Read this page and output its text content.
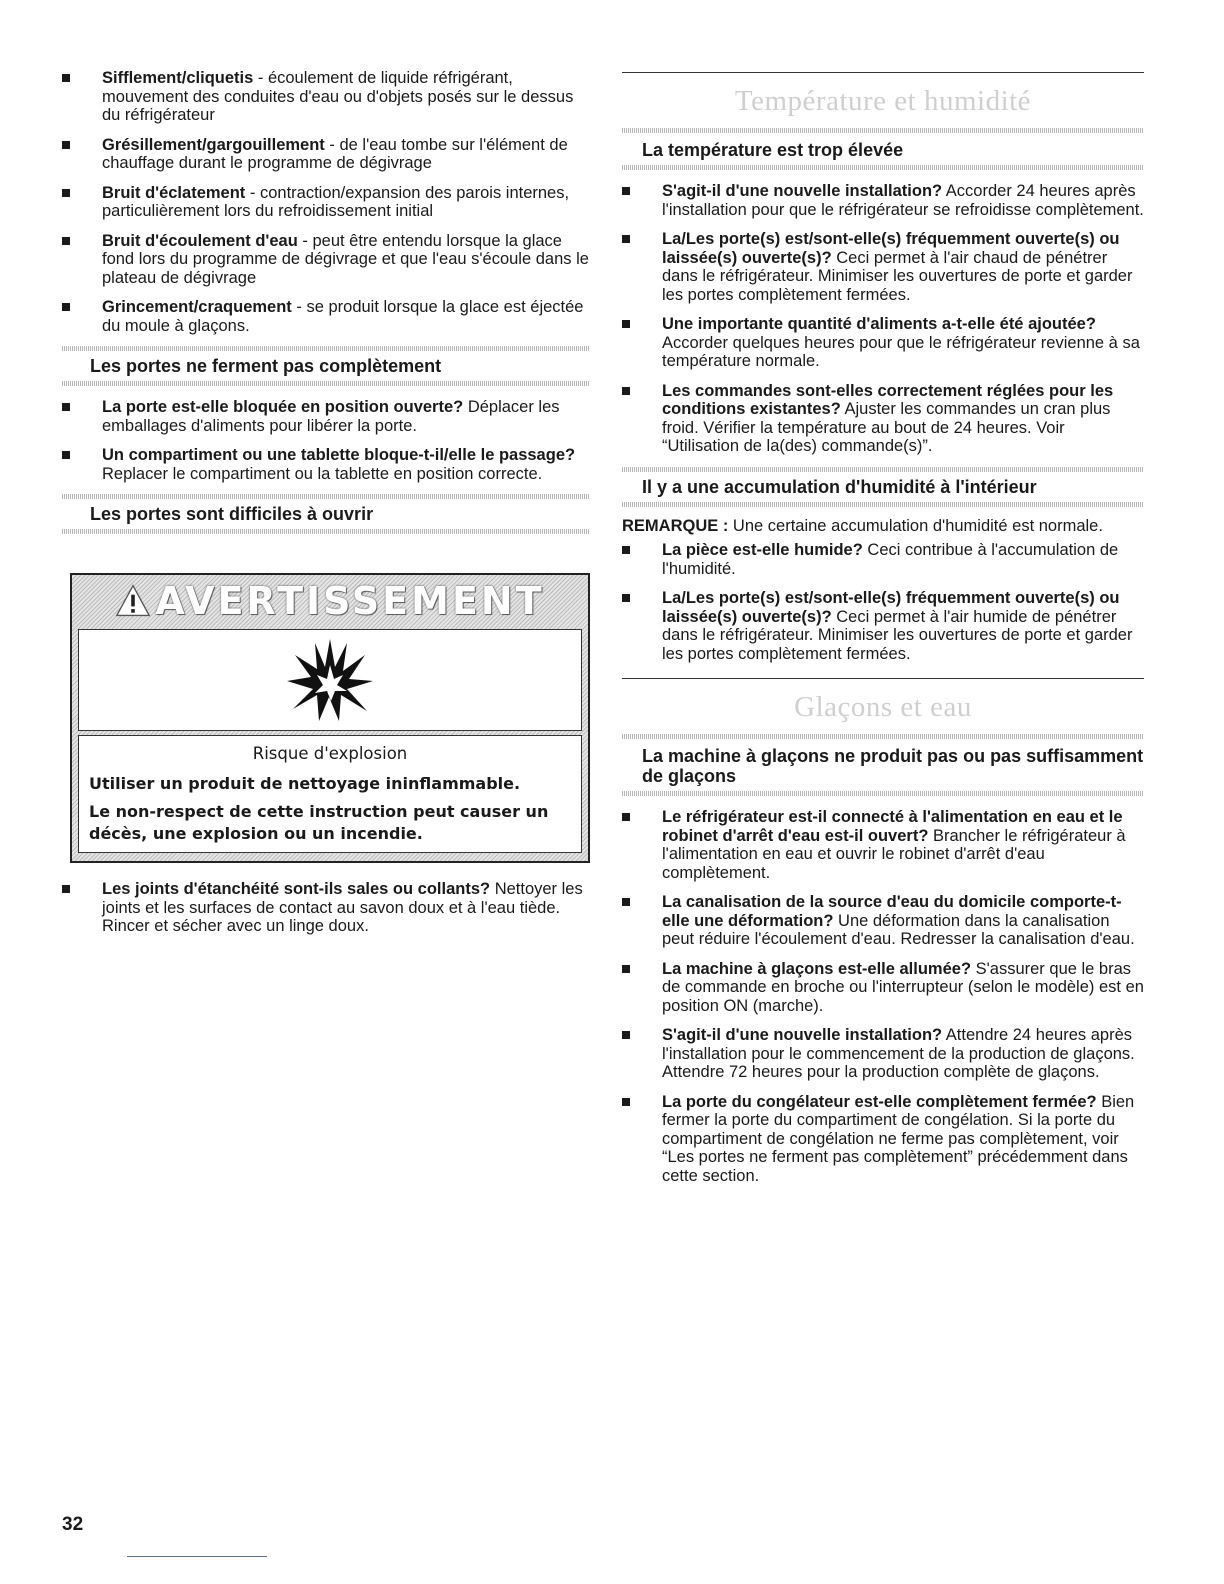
Sifflement/cliquetis - écoulement de liquide réfrigérant, mouvement des conduites d'eau ou d'objets posés sur le dessus du réfrigérateur
Grésillement/gargouillement - de l'eau tombe sur l'élément de chauffage durant le programme de dégivrage
Bruit d'éclatement - contraction/expansion des parois internes, particulièrement lors du refroidissement initial
Bruit d'écoulement d'eau - peut être entendu lorsque la glace fond lors du programme de dégivrage et que l'eau s'écoule dans le plateau de dégivrage
Grincement/craquement - se produit lorsque la glace est éjectée du moule à glaçons.
Les portes ne ferment pas complètement
La porte est-elle bloquée en position ouverte? Déplacer les emballages d'aliments pour libérer la porte.
Un compartiment ou une tablette bloque-t-il/elle le passage? Replacer le compartiment ou la tablette en position correcte.
Les portes sont difficiles à ouvrir
AVERTISSEMENT
Risque d'explosion
Utiliser un produit de nettoyage ininflammable.
Le non-respect de cette instruction peut causer un décès, une explosion ou un incendie.
Les joints d'étanchéité sont-ils sales ou collants? Nettoyer les joints et les surfaces de contact au savon doux et à l'eau tiède. Rincer et sécher avec un linge doux.
Température et humidité
La température est trop élevée
S'agit-il d'une nouvelle installation? Accorder 24 heures après l'installation pour que le réfrigérateur se refroidisse complètement.
La/Les porte(s) est/sont-elle(s) fréquemment ouverte(s) ou laissée(s) ouverte(s)? Ceci permet à l'air chaud de pénétrer dans le réfrigérateur. Minimiser les ouvertures de porte et garder les portes complètement fermées.
Une importante quantité d'aliments a-t-elle été ajoutée? Accorder quelques heures pour que le réfrigérateur revienne à sa température normale.
Les commandes sont-elles correctement réglées pour les conditions existantes? Ajuster les commandes un cran plus froid. Vérifier la température au bout de 24 heures. Voir “Utilisation de la(des) commande(s)”.
Il y a une accumulation d'humidité à l'intérieur

REMARQUE : Une certaine accumulation d'humidité est normale.

La pièce est-elle humide? Ceci contribue à l'accumulation de l'humidité.
La/Les porte(s) est/sont-elle(s) fréquemment ouverte(s) ou laissée(s) ouverte(s)? Ceci permet à l'air humide de pénétrer dans le réfrigérateur. Minimiser les ouvertures de porte et garder les portes complètement fermées.
Glaçons et eau
La machine à glaçons ne produit pas ou pas suffisamment de glaçons
Le réfrigérateur est-il connecté à l'alimentation en eau et le robinet d'arrêt d'eau est-il ouvert? Brancher le réfrigérateur à l'alimentation en eau et ouvrir le robinet d'arrêt d'eau complètement.
La canalisation de la source d'eau du domicile comporte-t-elle une déformation? Une déformation dans la canalisation peut réduire l'écoulement d'eau. Redresser la canalisation d'eau.
La machine à glaçons est-elle allumée? S'assurer que le bras de commande en broche ou l'interrupteur (selon le modèle) est en position ON (marche).
S'agit-il d'une nouvelle installation? Attendre 24 heures après l'installation pour le commencement de la production de glaçons. Attendre 72 heures pour la production complète de glaçons.
La porte du congélateur est-elle complètement fermée? Bien fermer la porte du compartiment de congélation. Si la porte du compartiment de congélation ne ferme pas complètement, voir “Les portes ne ferment pas complètement” précédemment dans cette section.
32
